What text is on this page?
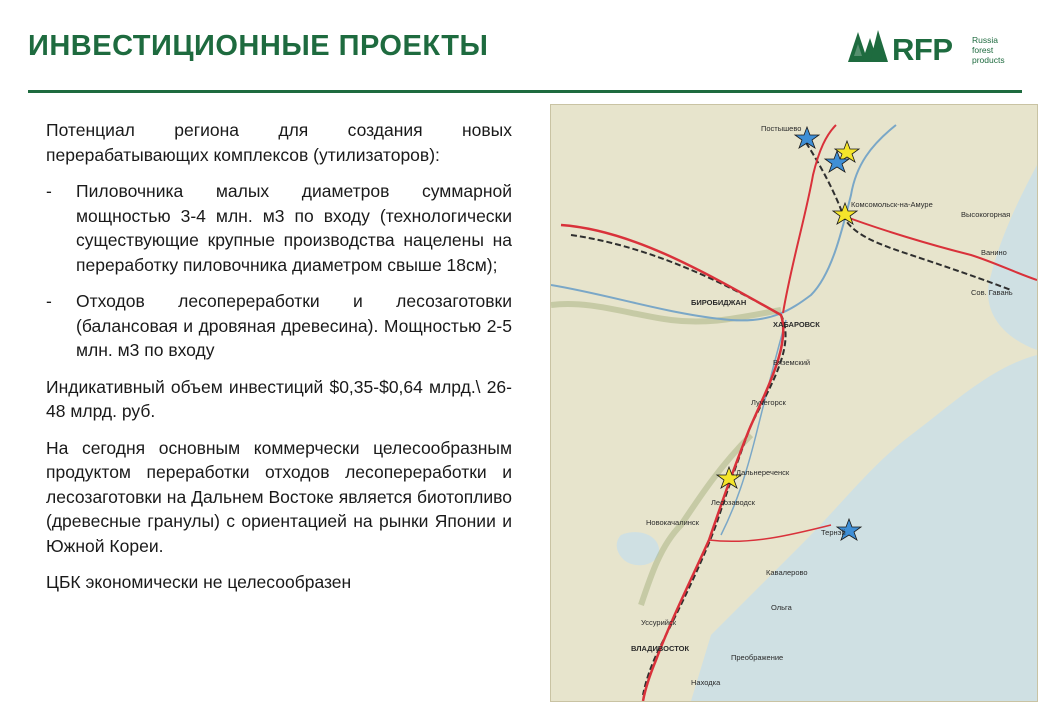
ИНВЕСТИЦИОННЫЕ ПРОЕКТЫ	RFP Russia
forest
products

Потенциал региона для создания новых перерабатывающих комплексов (утилизаторов):

- Пиловочника малых диаметров суммарной мощностью 3-4 млн. м3 по входу (технологически существующие крупные производства нацелены на переработку пиловочника диаметром свыше 18см);
- Отходов лесопереработки и лесозаготовки (балансовая и дровяная древесина). Мощностью 2-5 млн. м3 по входу

Индикативный объем инвестиций $0,35-$0,64 млрд.\ 26-48 млрд. руб.

На сегодня основным коммерчески целесообразным продуктом переработки отходов лесопереработки и лесозаготовки на Дальнем Востоке является биотопливо (древесные гранулы) с ориентацией на рынки Японии и Южной Кореи.

ЦБК экономически не целесообразен

Постышево
Комсомольск-на-Амуре
Высокогорная
Ванино
Сов. Гавань
БИРОБИДЖАН
ХАБАРОВСК
Вяземский
Лучегорск
Дальнереченск
Лесозаводск
Новокачалинск
Уссурийск
ВЛАДИВОСТОК
Находка
Тернэй
Кавалерово
Ольга
Преображение
